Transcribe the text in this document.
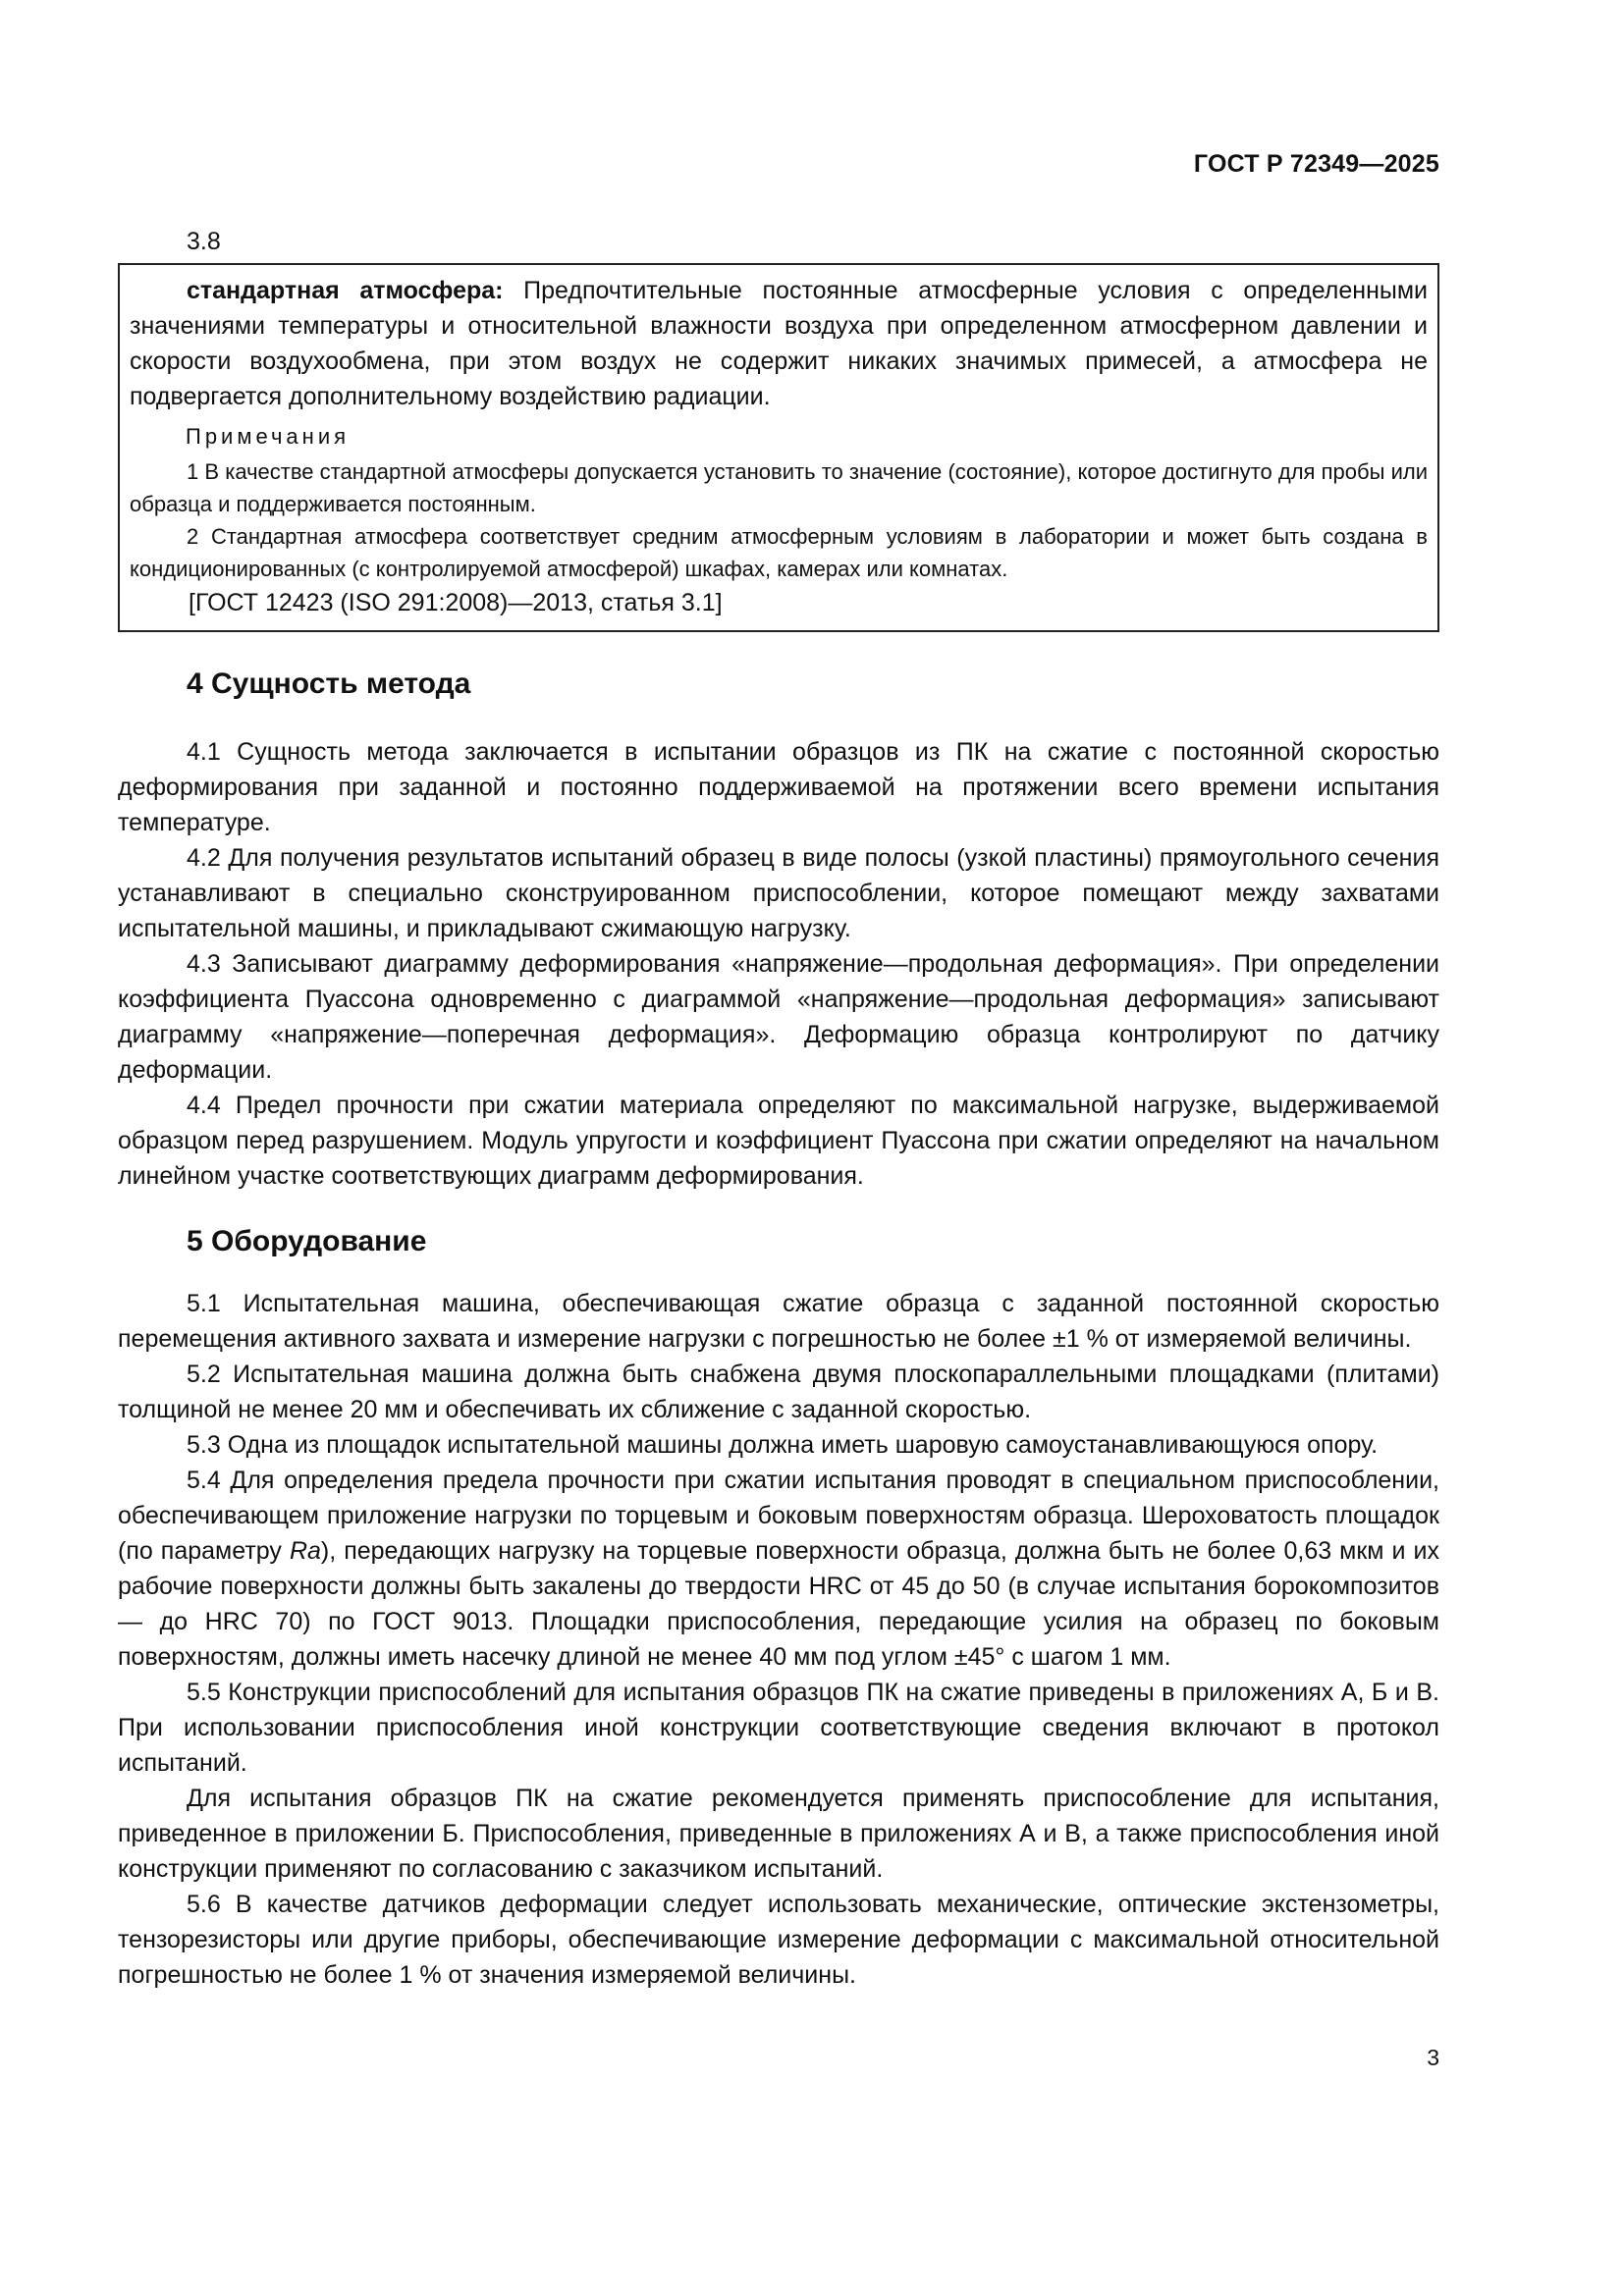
ГОСТ Р 72349—2025
3.8
стандартная атмосфера: Предпочтительные постоянные атмосферные условия с определенными значениями температуры и относительной влажности воздуха при определенном атмосферном давлении и скорости воздухообмена, при этом воздух не содержит никаких значимых примесей, а атмосфера не подвергается дополнительному воздействию радиации.
Примечания
1 В качестве стандартной атмосферы допускается установить то значение (состояние), которое достигнуто для пробы или образца и поддерживается постоянным.
2 Стандартная атмосфера соответствует средним атмосферным условиям в лаборатории и может быть создана в кондиционированных (с контролируемой атмосферой) шкафах, камерах или комнатах.
[ГОСТ 12423 (ISO 291:2008)—2013, статья 3.1]
4 Сущность метода

4.1 Сущность метода заключается в испытании образцов из ПК на сжатие с постоянной скоростью деформирования при заданной и постоянно поддерживаемой на протяжении всего времени испытания температуре.

4.2 Для получения результатов испытаний образец в виде полосы (узкой пластины) прямоугольного сечения устанавливают в специально сконструированном приспособлении, которое помещают между захватами испытательной машины, и прикладывают сжимающую нагрузку.

4.3 Записывают диаграмму деформирования «напряжение—продольная деформация». При определении коэффициента Пуассона одновременно с диаграммой «напряжение—продольная деформация» записывают диаграмму «напряжение—поперечная деформация». Деформацию образца контролируют по датчику деформации.

4.4 Предел прочности при сжатии материала определяют по максимальной нагрузке, выдерживаемой образцом перед разрушением. Модуль упругости и коэффициент Пуассона при сжатии определяют на начальном линейном участке соответствующих диаграмм деформирования.

5 Оборудование

5.1 Испытательная машина, обеспечивающая сжатие образца с заданной постоянной скоростью перемещения активного захвата и измерение нагрузки с погрешностью не более ±1 % от измеряемой величины.

5.2 Испытательная машина должна быть снабжена двумя плоскопараллельными площадками (плитами) толщиной не менее 20 мм и обеспечивать их сближение с заданной скоростью.

5.3 Одна из площадок испытательной машины должна иметь шаровую самоустанавливающуюся опору.

5.4 Для определения предела прочности при сжатии испытания проводят в специальном приспособлении, обеспечивающем приложение нагрузки по торцевым и боковым поверхностям образца. Шероховатость площадок (по параметру Ra), передающих нагрузку на торцевые поверхности образца, должна быть не более 0,63 мкм и их рабочие поверхности должны быть закалены до твердости HRC от 45 до 50 (в случае испытания борокомпозитов — до HRC 70) по ГОСТ 9013. Площадки приспособления, передающие усилия на образец по боковым поверхностям, должны иметь насечку длиной не менее 40 мм под углом ±45° с шагом 1 мм.

5.5 Конструкции приспособлений для испытания образцов ПК на сжатие приведены в приложениях А, Б и В. При использовании приспособления иной конструкции соответствующие сведения включают в протокол испытаний.

Для испытания образцов ПК на сжатие рекомендуется применять приспособление для испытания, приведенное в приложении Б. Приспособления, приведенные в приложениях А и В, а также приспособления иной конструкции применяют по согласованию с заказчиком испытаний.

5.6 В качестве датчиков деформации следует использовать механические, оптические экстензометры, тензорезисторы или другие приборы, обеспечивающие измерение деформации с максимальной относительной погрешностью не более 1 % от значения измеряемой величины.

3
